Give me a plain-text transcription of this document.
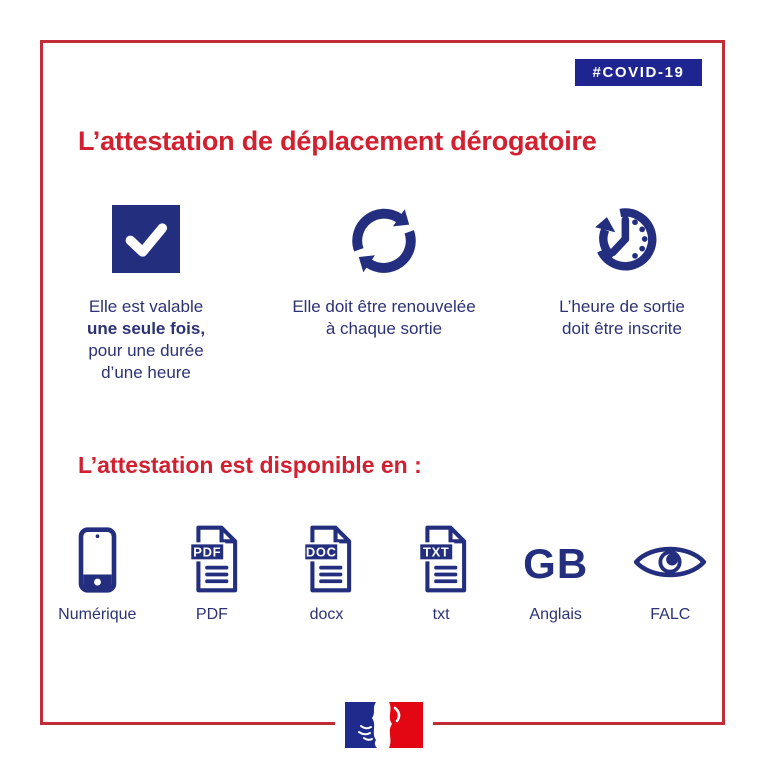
#COVID-19
L’attestation de déplacement dérogatoire
Elle est valable
une seule fois,
pour une durée
d’une heure
Elle doit être renouvelée
à chaque sortie
L’heure de sortie
doit être inscrite
L’attestation est disponible en :
Numérique
PDF
PDF
DOC
docx
TXT
txt
GB
Anglais	FALC
